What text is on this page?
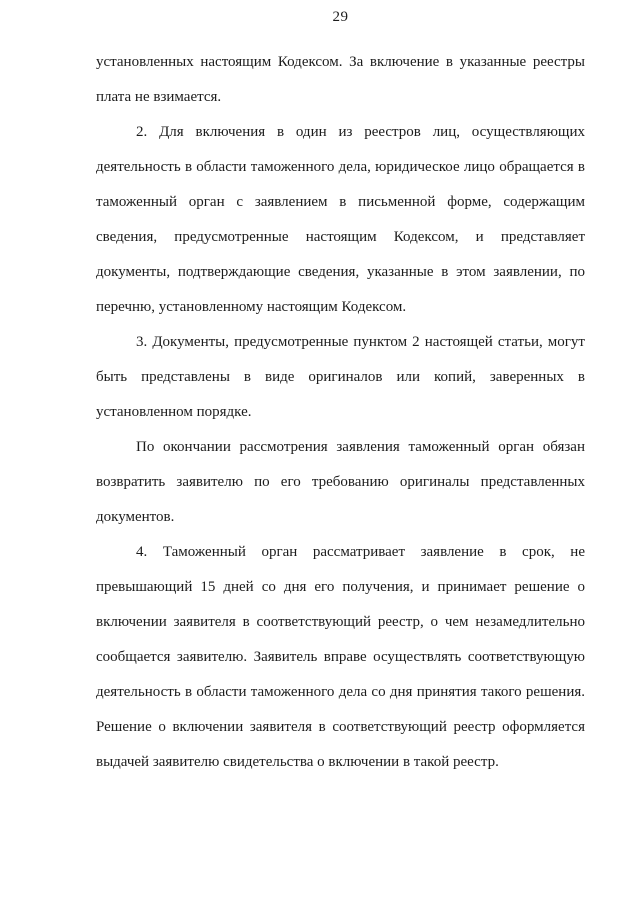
29
установленных настоящим Кодексом. За включение в указанные реестры
плата не взимается.
2. Для включения в один из реестров лиц, осуществляющих
деятельность в области таможенного дела, юридическое лицо обращается в
таможенный орган с заявлением в письменной форме, содержащим
сведения, предусмотренные настоящим Кодексом, и представляет
документы, подтверждающие сведения, указанные в этом заявлении, по
перечню, установленному настоящим Кодексом.
3. Документы, предусмотренные пунктом 2 настоящей статьи, могут
быть представлены в виде оригиналов или копий, заверенных в
установленном порядке.
По окончании рассмотрения заявления таможенный орган обязан
возвратить заявителю по его требованию оригиналы представленных
документов.
4. Таможенный орган рассматривает заявление в срок, не
превышающий 15 дней со дня его получения, и принимает решение о
включении заявителя в соответствующий реестр, о чем незамедлительно
сообщается заявителю. Заявитель вправе осуществлять соответствующую
деятельность в области таможенного дела со дня принятия такого решения.
Решение о включении заявителя в соответствующий реестр оформляется
выдачей заявителю свидетельства о включении в такой реестр.
